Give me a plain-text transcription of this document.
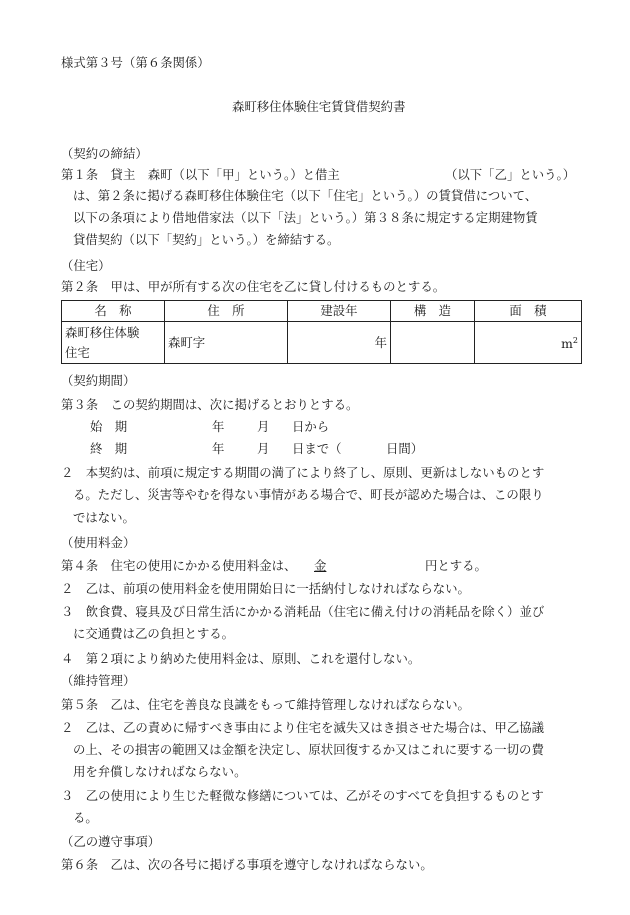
様式第３号（第６条関係）
森町移住体験住宅賃貸借契約書
（契約の締結）
第１条　貸主　森町（以下「甲」という。）と借主	（以下「乙」という。）
は、第２条に掲げる森町移住体験住宅（以下「住宅」という。）の賃貸借について、
以下の条項により借地借家法（以下「法」という。）第３８条に規定する定期建物賃
貸借契約（以下「契約」という。）を締結する。
（住宅）
第２条　甲は、甲が所有する次の住宅を乙に貸し付けるものとする。
名　称	住　所	建設年	構　造	面　積

森町移住体験
住宅	森町字	年		$m^2$
（契約期間）
第３条　この契約期間は、次に掲げるとおりとする。
始　期	年	月 日から
終　期	年	月 日まで（	日間）
２　本契約は、前項に規定する期間の満了により終了し、原則、更新はしないものとす
る。ただし、災害等やむを得ない事情がある場合で、町長が認めた場合は、この限り
ではない。
（使用料金）
第４条　住宅の使用にかかる使用料金は、 金	円とする。
２　乙は、前項の使用料金を使用開始日に一括納付しなければならない。
３　飲食費、寝具及び日常生活にかかる消耗品（住宅に備え付けの消耗品を除く）並び
に交通費は乙の負担とする。
４　第２項により納めた使用料金は、原則、これを還付しない。
（維持管理）
第５条　乙は、住宅を善良な良識をもって維持管理しなければならない。
２　乙は、乙の責めに帰すべき事由により住宅を滅失又はき損させた場合は、甲乙協議
の上、その損害の範囲又は金額を決定し、原状回復するか又はこれに要する一切の費
用を弁償しなければならない。
３　乙の使用により生じた軽微な修繕については、乙がそのすべてを負担するものとす
る。
（乙の遵守事項）
第６条　乙は、次の各号に掲げる事項を遵守しなければならない。
